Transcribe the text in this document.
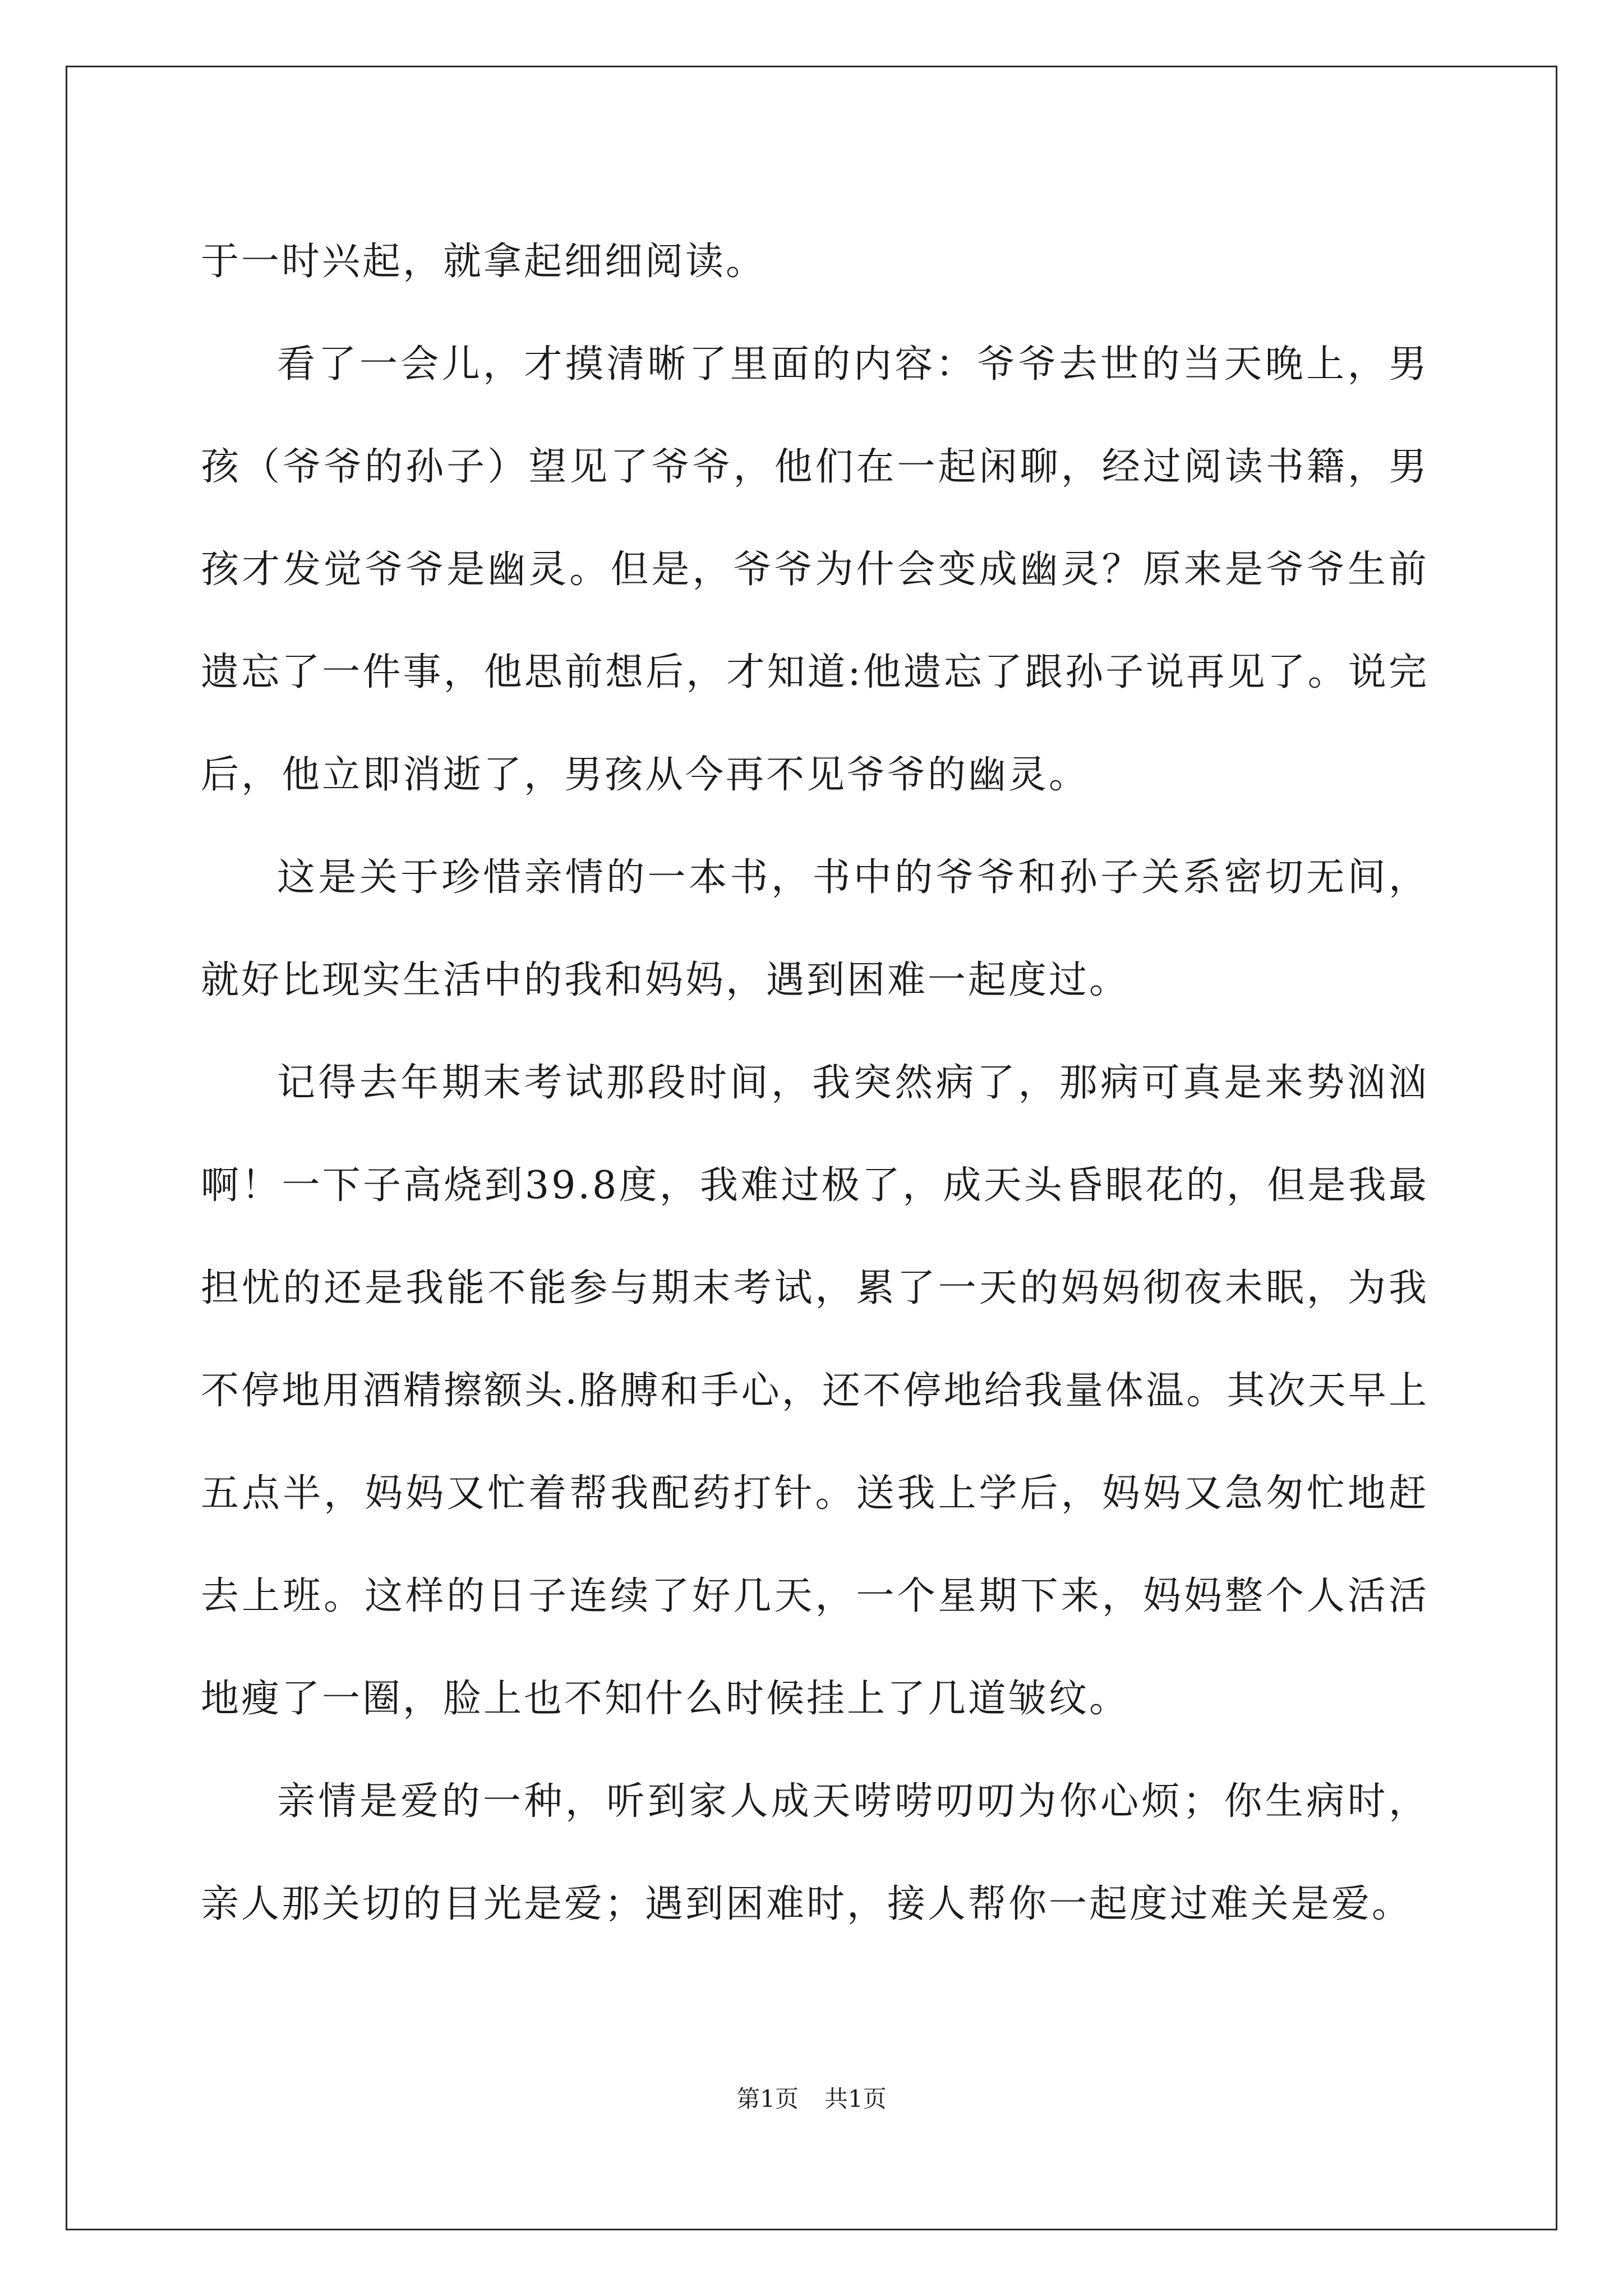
于一时兴起，就拿起细细阅读。

看了一会儿，才摸清晰了里面的内容：爷爷去世的当天晚上，男孩（爷爷的孙子）望见了爷爷，他们在一起闲聊，经过阅读书籍，男孩才发觉爷爷是幽灵。但是，爷爷为什会变成幽灵？原来是爷爷生前遗忘了一件事，他思前想后，才知道:他遗忘了跟孙子说再见了。说完后，他立即消逝了，男孩从今再不见爷爷的幽灵。

这是关于珍惜亲情的一本书，书中的爷爷和孙子关系密切无间，就好比现实生活中的我和妈妈，遇到困难一起度过。

记得去年期末考试那段时间，我突然病了，那病可真是来势汹汹啊！一下子高烧到39.8度，我难过极了，成天头昏眼花的，但是我最担忧的还是我能不能参与期末考试，累了一天的妈妈彻夜未眠，为我不停地用酒精擦额头.胳膊和手心，还不停地给我量体温。其次天早上五点半，妈妈又忙着帮我配药打针。送我上学后，妈妈又急匆忙地赶去上班。这样的日子连续了好几天，一个星期下来，妈妈整个人活活地瘦了一圈，脸上也不知什么时候挂上了几道皱纹。

亲情是爱的一种，听到家人成天唠唠叨叨为你心烦；你生病时，亲人那关切的目光是爱；遇到困难时，接人帮你一起度过难关是爱。

第1页 共1页
